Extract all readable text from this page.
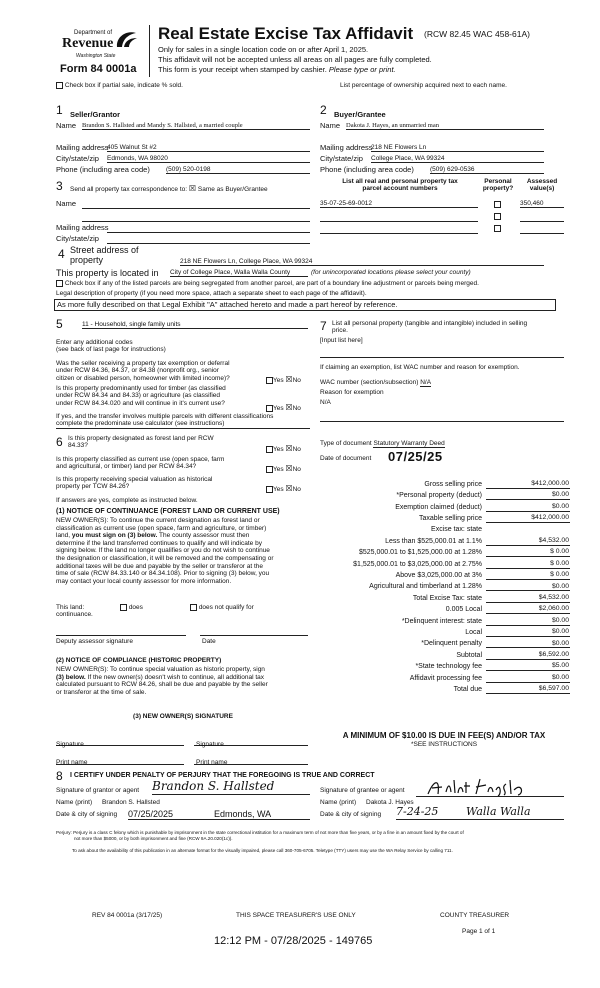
Department of
Revenue
Washington State
Form 84 0001a
Real Estate Excise Tax Affidavit (RCW 82.45 WAC 458-61A)
Only for sales in a single location code on or after April 1, 2025.
This affidavit will not be accepted unless all areas on all pages are fully completed.
This form is your receipt when stamped by cashier. Please type or print.
Check box if partial sale, indicate % sold.	List percentage of ownership acquired next to each name.
1 Seller/Grantor
Name Brandon S. Hallsted and Mandy S. Hallsted, a married couple
Mailing address
405 Walnut St #2
City/state/zip Edmonds, WA 98020
Phone (including area code) (509) 520-0198
2 Buyer/Grantee
Name Dakota J. Hayes, an unmarried man
Mailing address
218 NE Flowers Ln
City/state/zip College Place, WA 99324
Phone (including area code) (509) 629-0536
3 Send all property tax correspondence to: ☒ Same as Buyer/Grantee
Name
Mailing address
City/state/zip
List all real and personal property tax
parcel account numbers
Personal
property?
Assessed
value(s)
35-07-25-69-0012	350,460
4 Street address of
property	218 NE Flowers Ln, College Place, WA 99324
This property is located in City of College Place, Walla Walla County	(for unincorporated locations please select your county)
Check box if any of the listed parcels are being segregated from another parcel, are part of a boundary line adjustment or parcels being merged.
Legal description of property (if you need more space, attach a separate sheet to each page of the affidavit).
As more fully described on that Legal Exhibit "A" attached hereto and made a part hereof by reference.
5	11 - Household, single family units
Enter any additional codes
(see back of last page for instructions)
Was the seller receiving a property tax exemption or deferral
under RCW 84.36, 84.37, or 84.38 (nonprofit org., senior
citizen or disabled person, homeowner with limited income)?	Yes ☒No
Is this property predominantly used for timber (as classified
under RCW 84.34 and 84.33) or agriculture (as classified
under RCW 84.34.020 and will continue in it's current use?
Yes ☒No
If yes, and the transfer involves multiple parcels with different classifications
complete the predominate use calculator (see instructions)
6 Is this property designated as forest land per RCW
84.33?
Yes ☒No
Is this property classified as current use (open space, farm
and agricultural, or timber) land per RCW 84.34?	Yes ☒No
Is this property receiving special valuation as historical
property per TCW 84.26?	Yes ☒No
If answers are yes, complete as instructed below.
(1) NOTICE OF CONTINUANCE (FOREST LAND OR CURRENT USE)
NEW OWNER(S): To continue the current designation as forest land or
classification as current use (open space, farm and agriculture, or timber)
land, you must sign on (3) below. The county assessor must then
determine if the land transferred continues to qualify and will indicate by
signing below. If the land no longer qualifies or you do not wish to continue
the designation or classification, it will be removed and the compensating or
additional taxes will be due and payable by the seller or transferor at the
time of sale (RCW 84.33.140 or 84.34.108). Prior to signing (3) below, you
may contact your local county assessor for more information.
This land:
continuance.
does	does not qualify for
Deputy assessor signature	Date
(2) NOTICE OF COMPLIANCE (HISTORIC PROPERTY)
NEW OWNER(S): To continue special valuation as historic property, sign
(3) below. If the new owner(s) doesn't wish to continue, all additional tax
calculated pursuant to RCW 84.26, shall be due and payable by the seller
or transferor at the time of sale.
(3) NEW OWNER(S) SIGNATURE
Signature	Signature
Print name	Print name
7 List all personal property (tangible and intangible) included in selling
price.
[Input list here]
If claiming an exemption, list WAC number and reason for exemption.
WAC number (section/subsection) N/A
Reason for exemption
N/A
Type of document Statutory Warranty Deed
Date of document 07/25/25
Gross selling price	$412,000.00
*Personal property (deduct)	$0.00
Exemption claimed (deduct)	$0.00
Taxable selling price	$412,000.00
Excise tax: state
Less than $525,000.01 at 1.1%	$4,532.00
$525,000.01 to $1,525,000.00 at 1.28%	$ 0.00
$1,525,000.01 to $3,025,000.00 at 2.75%	$ 0.00
Above $3,025,000.00 at 3%	$ 0.00
Agricultural and timberland at 1.28%	$0.00
Total Excise Tax: state	$4,532.00
0.005 Local	$2,060.00
*Delinquent interest: state	$0.00
Local	$0.00
*Delinquent penalty	$0.00
Subtotal	$6,592.00
*State technology fee	$5.00
Affidavit processing fee	$0.00
Total due	$6,597.00
A MINIMUM OF $10.00 IS DUE IN FEE(S) AND/OR TAX
*SEE INSTRUCTIONS
8 I CERTIFY UNDER PENALTY OF PERJURY THAT THE FOREGOING IS TRUE AND CORRECT
Signature of grantor or agent Brandon S. Hallsted
Name (print) Brandon S. Hallsted
Date & city of signing 07/25/2025	Edmonds, WA
Signature of grantee or agent
Name (print) Dakota J. Hayes
Date & city of signing 7-24-25	Walla Walla
Perjury: Perjury is a class C felony which is punishable by imprisonment in the state correctional institution for a maximum term of not more than five years, or by a fine in an amount fixed by the court of
not more than $5000, or by both imprisonment and fine (RCW 9A.20.020(1c)).
To ask about the availability of this publication in an alternate format for the visually impaired, please call 360-705-6705. Teletype (TTY) users may use the WA Relay Service by calling 711.
REV 84 0001a (3/17/25)	THIS SPACE TREASURER'S USE ONLY	COUNTY TREASURER
Page 1 of 1
12:12 PM - 07/28/2025 - 149765
